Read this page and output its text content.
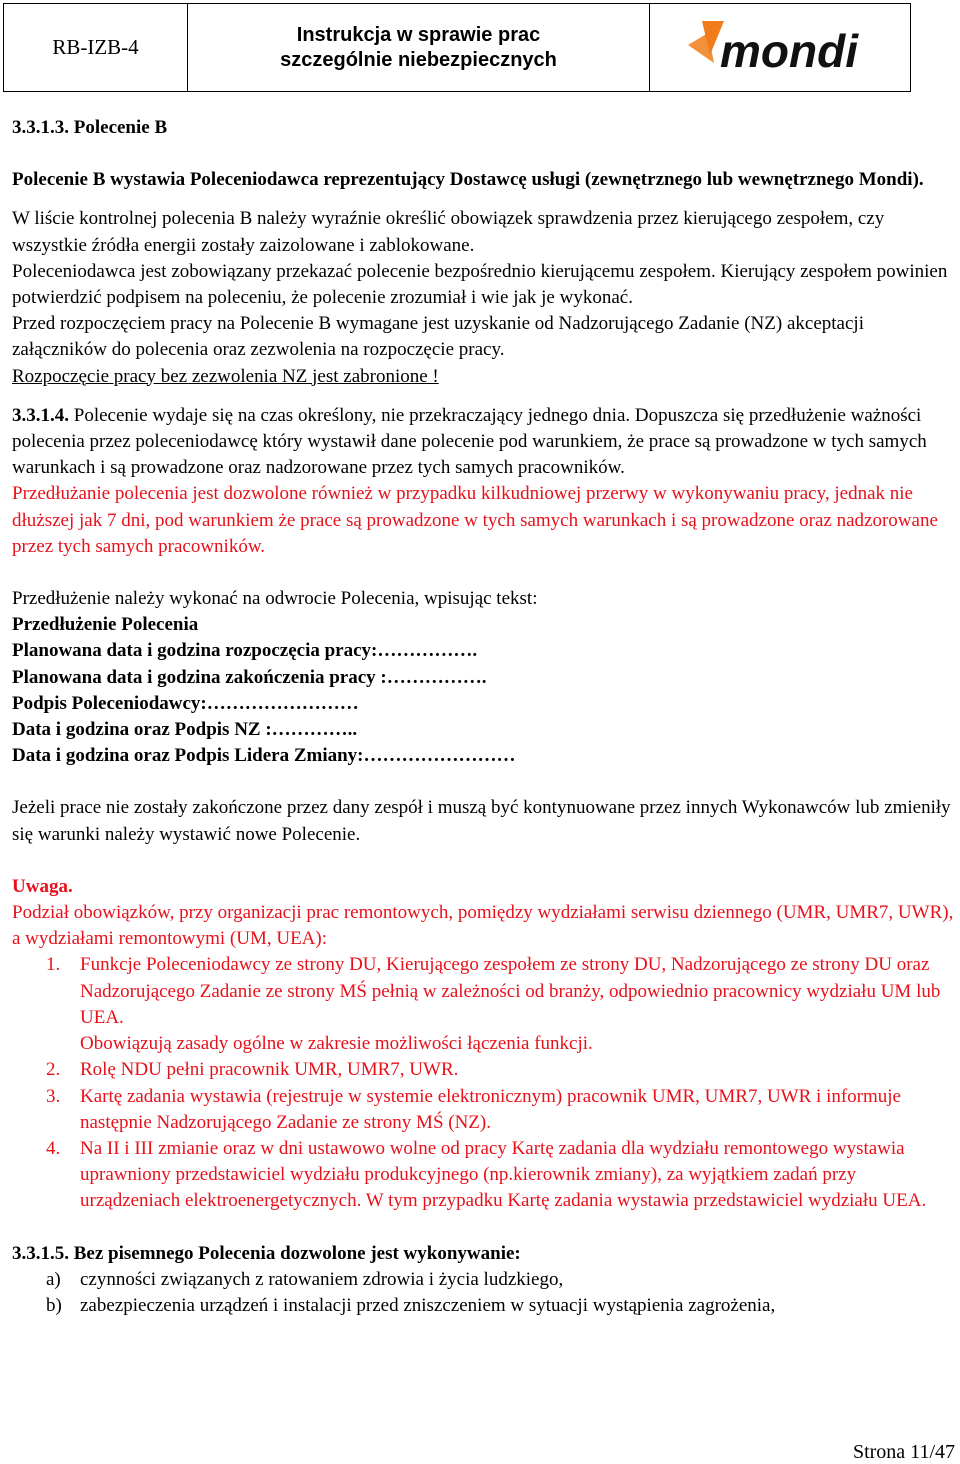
RB-IZB-4
Instrukcja w sprawie prac
szczególnie niebezpiecznych	mondi

3.3.1.3. Polecenie B

Polecenie B wystawia Poleceniodawca reprezentujący Dostawcę usługi (zewnętrznego lub wewnętrznego Mondi).

W liście kontrolnej polecenia B należy wyraźnie określić obowiązek sprawdzenia przez kierującego zespołem, czy wszystkie źródła energii zostały zaizolowane i zablokowane.

Poleceniodawca jest zobowiązany przekazać polecenie bezpośrednio kierującemu zespołem. Kierujący zespołem powinien potwierdzić podpisem na poleceniu, że polecenie zrozumiał i wie jak je wykonać.

Przed rozpoczęciem pracy na Polecenie B wymagane jest uzyskanie od Nadzorującego Zadanie (NZ) akceptacji załączników do polecenia oraz zezwolenia na rozpoczęcie pracy.

Rozpoczęcie pracy bez zezwolenia NZ jest zabronione !

3.3.1.4. Polecenie wydaje się na czas określony, nie przekraczający jednego dnia. Dopuszcza się przedłużenie ważności polecenia przez poleceniodawcę który wystawił dane polecenie pod warunkiem, że prace są prowadzone w tych samych warunkach i są prowadzone oraz nadzorowane przez tych samych pracowników.

Przedłużanie polecenia jest dozwolone również w przypadku kilkudniowej przerwy w wykonywaniu pracy, jednak nie dłuższej jak 7 dni, pod warunkiem że prace są prowadzone w tych samych warunkach i są prowadzone oraz nadzorowane przez tych samych pracowników.

Przedłużenie należy wykonać na odwrocie Polecenia, wpisując tekst:

Przedłużenie Polecenia

Planowana data i godzina rozpoczęcia pracy:…………….

Planowana data i godzina zakończenia pracy :…………….

Podpis Poleceniodawcy:……………………

Data i godzina oraz Podpis NZ :…………..

Data i godzina oraz Podpis Lidera Zmiany:……………………

Jeżeli prace nie zostały zakończone przez dany zespół i muszą być kontynuowane przez innych Wykonawców lub zmieniły się warunki należy wystawić nowe Polecenie.

Uwaga.

Podział obowiązków, przy organizacji prac remontowych, pomiędzy wydziałami serwisu dziennego (UMR, UMR7, UWR), a wydziałami remontowymi (UM, UEA):

1. Funkcje Poleceniodawcy ze strony DU, Kierującego zespołem ze strony DU, Nadzorującego ze strony DU oraz Nadzorującego Zadanie ze strony MŚ pełnią w zależności od branży, odpowiednio pracownicy wydziału UM lub UEA.
Obowiązują zasady ogólne w zakresie możliwości łączenia funkcji.
2. Rolę NDU pełni pracownik UMR, UMR7, UWR.
3. Kartę zadania wystawia (rejestruje w systemie elektronicznym) pracownik UMR, UMR7, UWR i informuje następnie Nadzorującego Zadanie ze strony MŚ (NZ).
4. Na II i III zmianie oraz w dni ustawowo wolne od pracy Kartę zadania dla wydziału remontowego wystawia uprawniony przedstawiciel wydziału produkcyjnego (np.kierownik zmiany), za wyjątkiem zadań przy urządzeniach elektroenergetycznych. W tym przypadku Kartę zadania wystawia przedstawiciel wydziału UEA.

3.3.1.5. Bez pisemnego Polecenia dozwolone jest wykonywanie:

a) czynności związanych z ratowaniem zdrowia i życia ludzkiego,
b) zabezpieczenia urządzeń i instalacji przed zniszczeniem w sytuacji wystąpienia zagrożenia,
Strona 11/47
